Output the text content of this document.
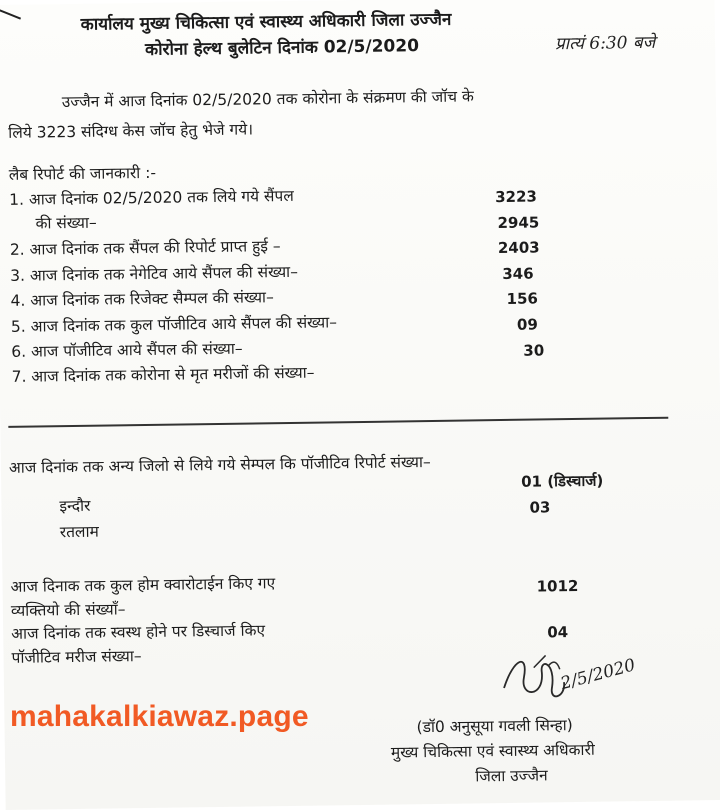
कार्यालय मुख्य चिकित्सा एवं स्वास्थ्य अधिकारी जिला उज्जैन
कोरोना हेल्थ बुलेटिन दिनांक 02/5/2020	प्रात्यं 6:30 बजे
उज्जैन में आज दिनांक 02/5/2020 तक कोरोना के संक्रमण की जॉच के
लिये 3223 संदिग्ध केस जॉच हेतु भेजे गये।
लैब रिपोर्ट की जानकारी :-
1. आज दिनांक 02/5/2020 तक लिये गये सैंपल
की संख्या–
3223
2. आज दिनांक तक सैंपल की रिपोर्ट प्राप्त हुई –
2945
3. आज दिनांक तक नेगेटिव आये सैंपल की संख्या–
2403
4. आज दिनांक तक रिजेक्ट सैम्पल की संख्या–
346
5. आज दिनांक तक कुल पॉजीटिव आये सैंपल की संख्या–
156
6. आज पॉजीटिव आये सैंपल की संख्या–
09
7. आज दिनांक तक कोरोना से मृत मरीजों की संख्या–
30
आज दिनांक तक अन्य जिलो से लिये गये सेम्पल कि पॉजीटिव रिपोर्ट संख्या–
इन्दौर
01 (डिस्चार्ज)
रतलाम
03
आज दिनाक तक कुल होम क्वारोटाईन किए गए
व्यक्तियो की संख्याँ–
1012
आज दिनांक तक स्वस्थ होने पर डिस्चार्ज किए
पॉजीटिव मरीज संख्या–
04
2/5/2020
(डॉ0 अनुसूया गवली सिन्हा)
मुख्य चिकित्सा एवं स्वास्थ्य अधिकारी
जिला उज्जैन
mahakalkiawaz.page
